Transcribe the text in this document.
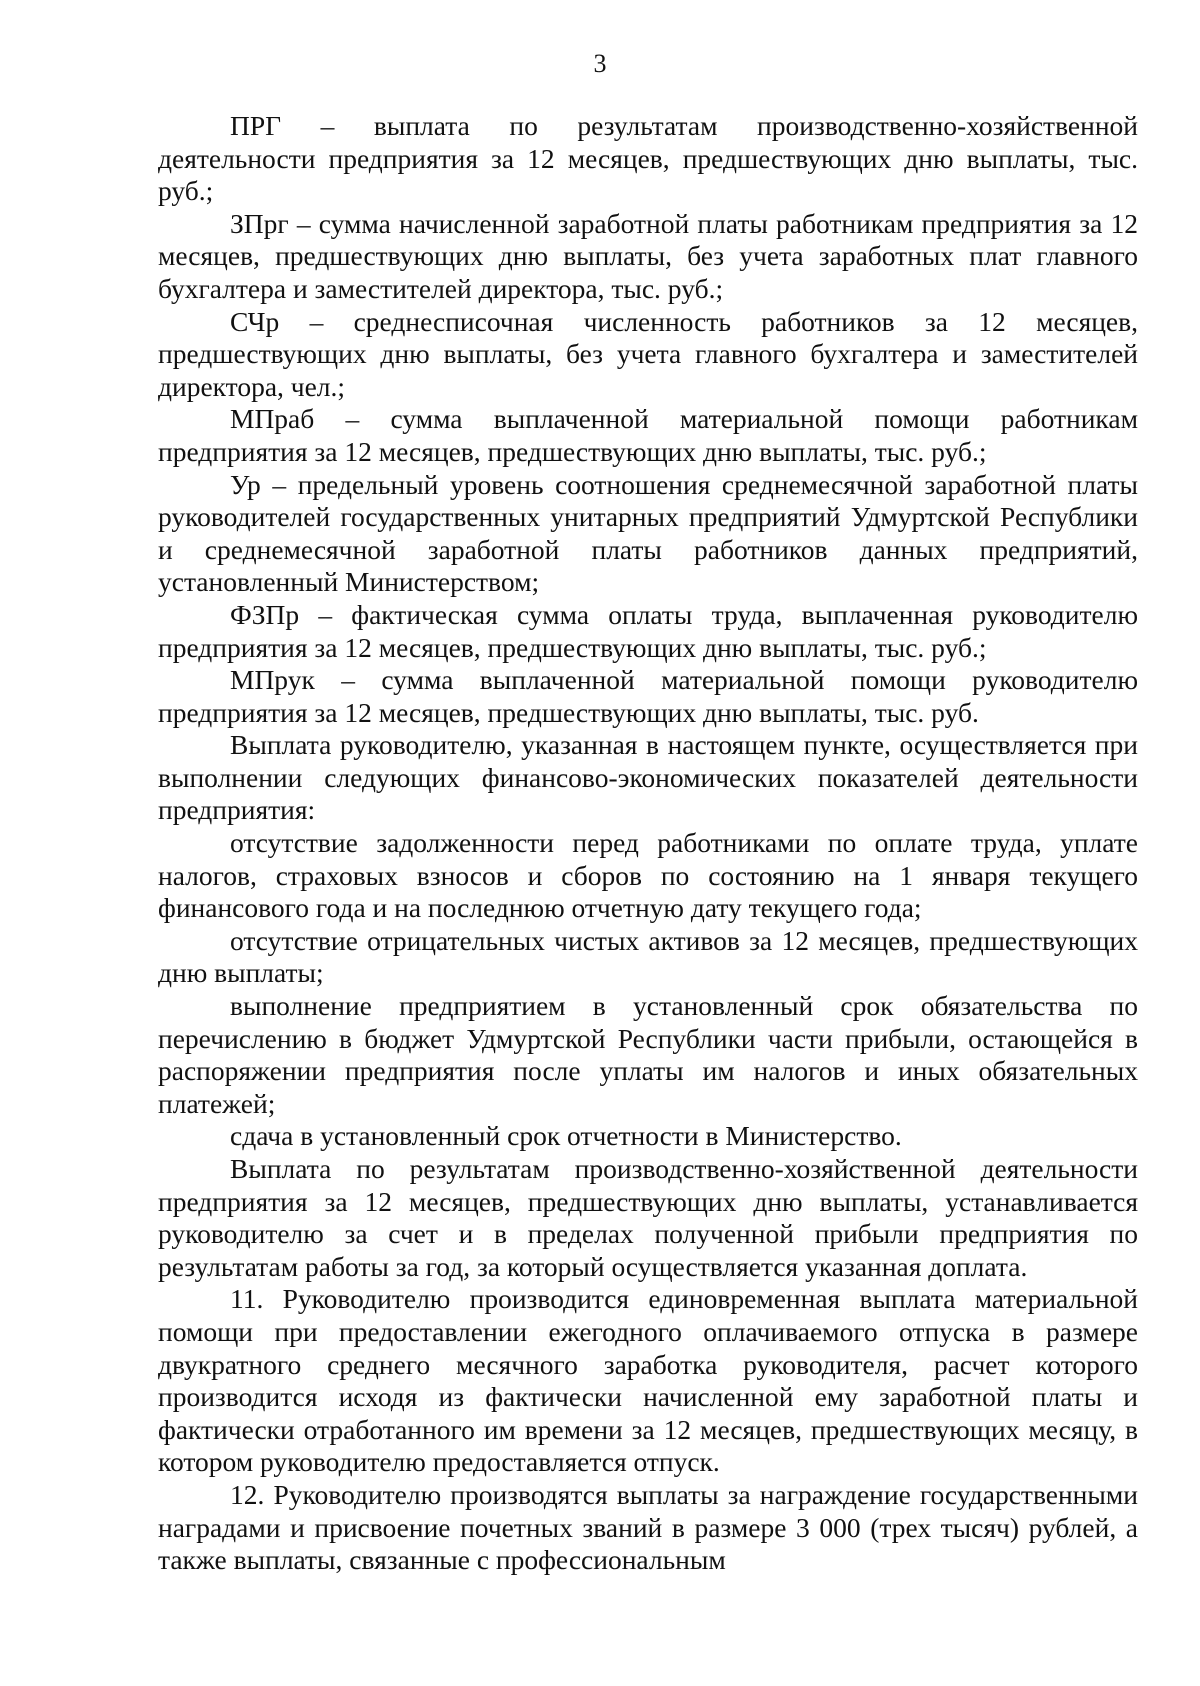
3

ПРГ – выплата по результатам производственно-хозяйственной деятельности предприятия за 12 месяцев, предшествующих дню выплаты, тыс. руб.;

ЗПрг – сумма начисленной заработной платы работникам предприятия за 12 месяцев, предшествующих дню выплаты, без учета заработных плат главного бухгалтера и заместителей директора, тыс. руб.;

СЧр – среднесписочная численность работников за 12 месяцев, предшествующих дню выплаты, без учета главного бухгалтера и заместителей директора, чел.;

МПраб – сумма выплаченной материальной помощи работникам предприятия за 12 месяцев, предшествующих дню выплаты, тыс. руб.;

Ур – предельный уровень соотношения среднемесячной заработной платы руководителей государственных унитарных предприятий Удмуртской Республики и среднемесячной заработной платы работников данных предприятий, установленный Министерством;

ФЗПр – фактическая сумма оплаты труда, выплаченная руководителю предприятия за 12 месяцев, предшествующих дню выплаты, тыс. руб.;

МПрук – сумма выплаченной материальной помощи руководителю предприятия за 12 месяцев, предшествующих дню выплаты, тыс. руб.

Выплата руководителю, указанная в настоящем пункте, осуществляется при выполнении следующих финансово-экономических показателей деятельности предприятия:

отсутствие задолженности перед работниками по оплате труда, уплате налогов, страховых взносов и сборов по состоянию на 1 января текущего финансового года и на последнюю отчетную дату текущего года;

отсутствие отрицательных чистых активов за 12 месяцев, предшествующих дню выплаты;

выполнение предприятием в установленный срок обязательства по перечислению в бюджет Удмуртской Республики части прибыли, остающейся в распоряжении предприятия после уплаты им налогов и иных обязательных платежей;

сдача в установленный срок отчетности в Министерство.

Выплата по результатам производственно-хозяйственной деятельности предприятия за 12 месяцев, предшествующих дню выплаты, устанавливается руководителю за счет и в пределах полученной прибыли предприятия по результатам работы за год, за который осуществляется указанная доплата.

11. Руководителю производится единовременная выплата материальной помощи при предоставлении ежегодного оплачиваемого отпуска в размере двукратного среднего месячного заработка руководителя, расчет которого производится исходя из фактически начисленной ему заработной платы и фактически отработанного им времени за 12 месяцев, предшествующих месяцу, в котором руководителю предоставляется отпуск.

12. Руководителю производятся выплаты за награждение государственными наградами и присвоение почетных званий в размере 3 000 (трех тысяч) рублей, а также выплаты, связанные с профессиональным
